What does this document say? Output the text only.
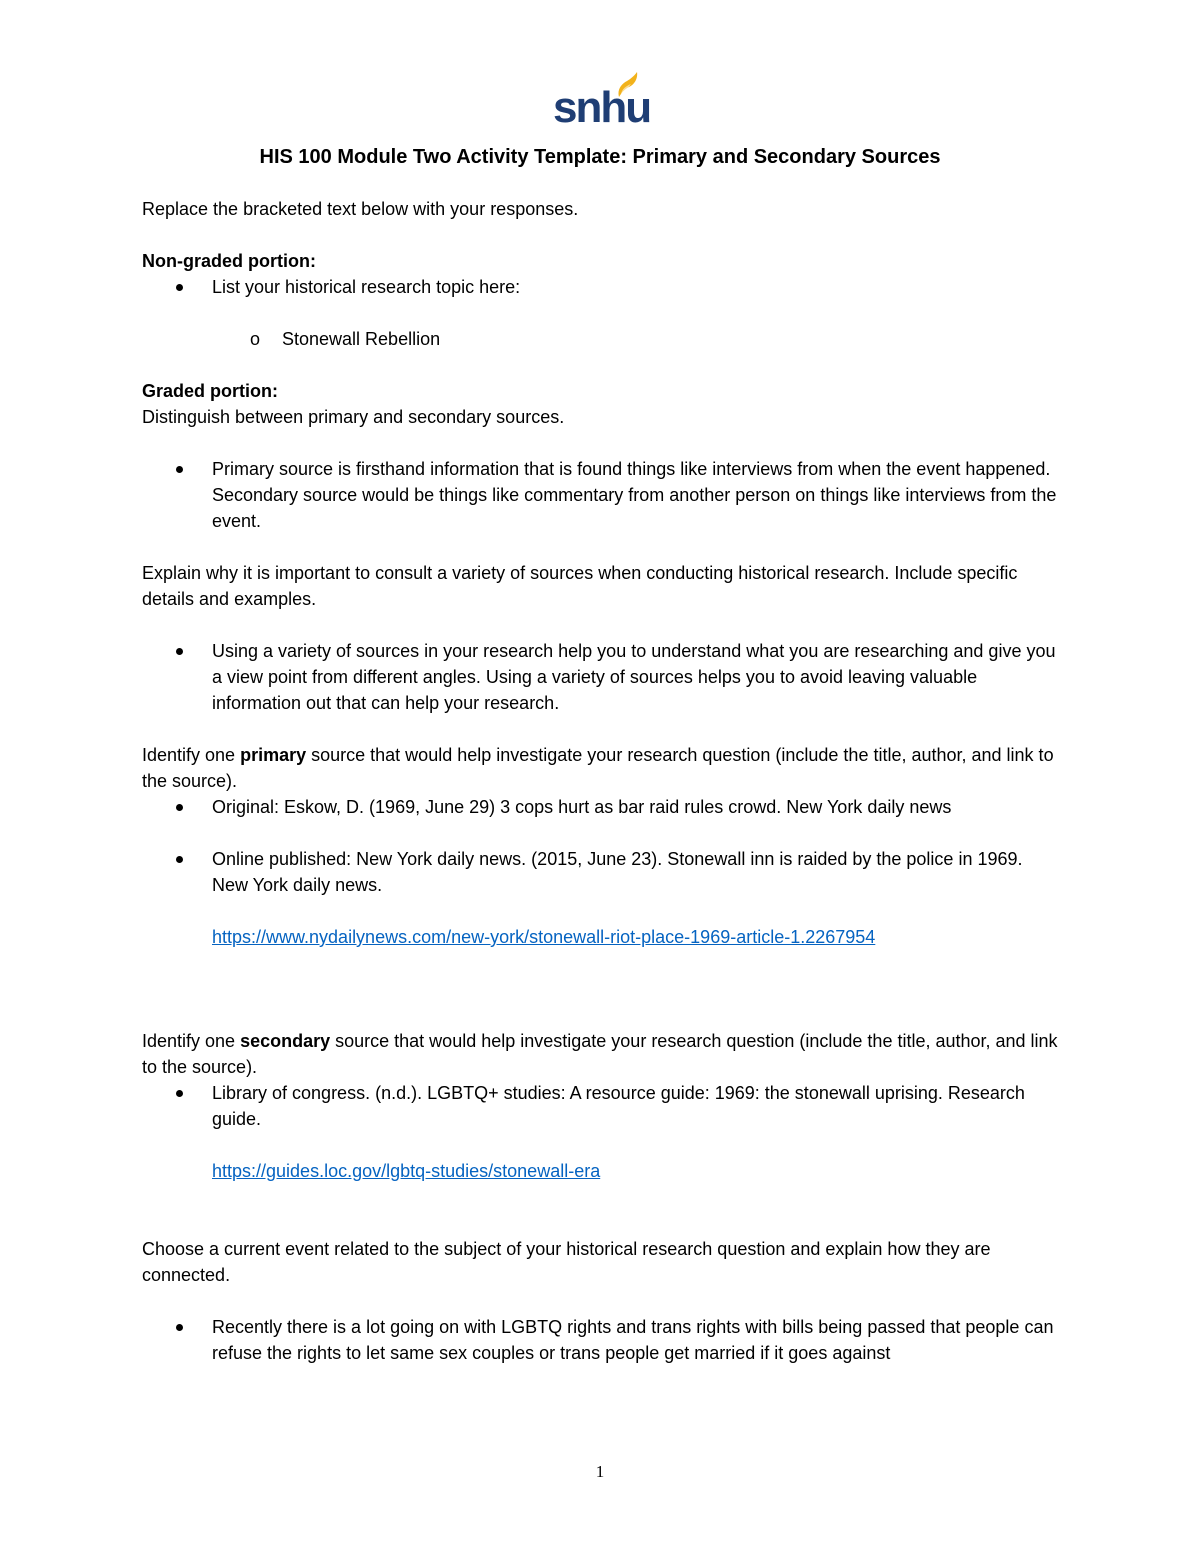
snhu
HIS 100 Module Two Activity Template: Primary and Secondary Sources

Replace the bracketed text below with your responses.

Non-graded portion:

List your historical research topic here:
o Stonewall Rebellion

Graded portion:

Distinguish between primary and secondary sources.

Primary source is firsthand information that is found things like interviews from when the event happened. Secondary source would be things like commentary from another person on things like interviews from the event.

Explain why it is important to consult a variety of sources when conducting historical research. Include specific details and examples.

Using a variety of sources in your research help you to understand what you are researching and give you a view point from different angles. Using a variety of sources helps you to avoid leaving valuable information out that can help your research.

Identify one primary source that would help investigate your research question (include the title, author, and link to the source).

Original: Eskow, D. (1969, June 29) 3 cops hurt as bar raid rules crowd. New York daily news
Online published: New York daily news. (2015, June 23). Stonewall inn is raided by the police in 1969. New York daily news.

https://www.nydailynews.com/new-york/stonewall-riot-place-1969-article-1.2267954

Identify one secondary source that would help investigate your research question (include the title, author, and link to the source).

Library of congress. (n.d.). LGBTQ+ studies: A resource guide: 1969: the stonewall uprising. Research guide.

https://guides.loc.gov/lgbtq-studies/stonewall-era

Choose a current event related to the subject of your historical research question and explain how they are connected.

Recently there is a lot going on with LGBTQ rights and trans rights with bills being passed that people can refuse the rights to let same sex couples or trans people get married if it goes against
1
